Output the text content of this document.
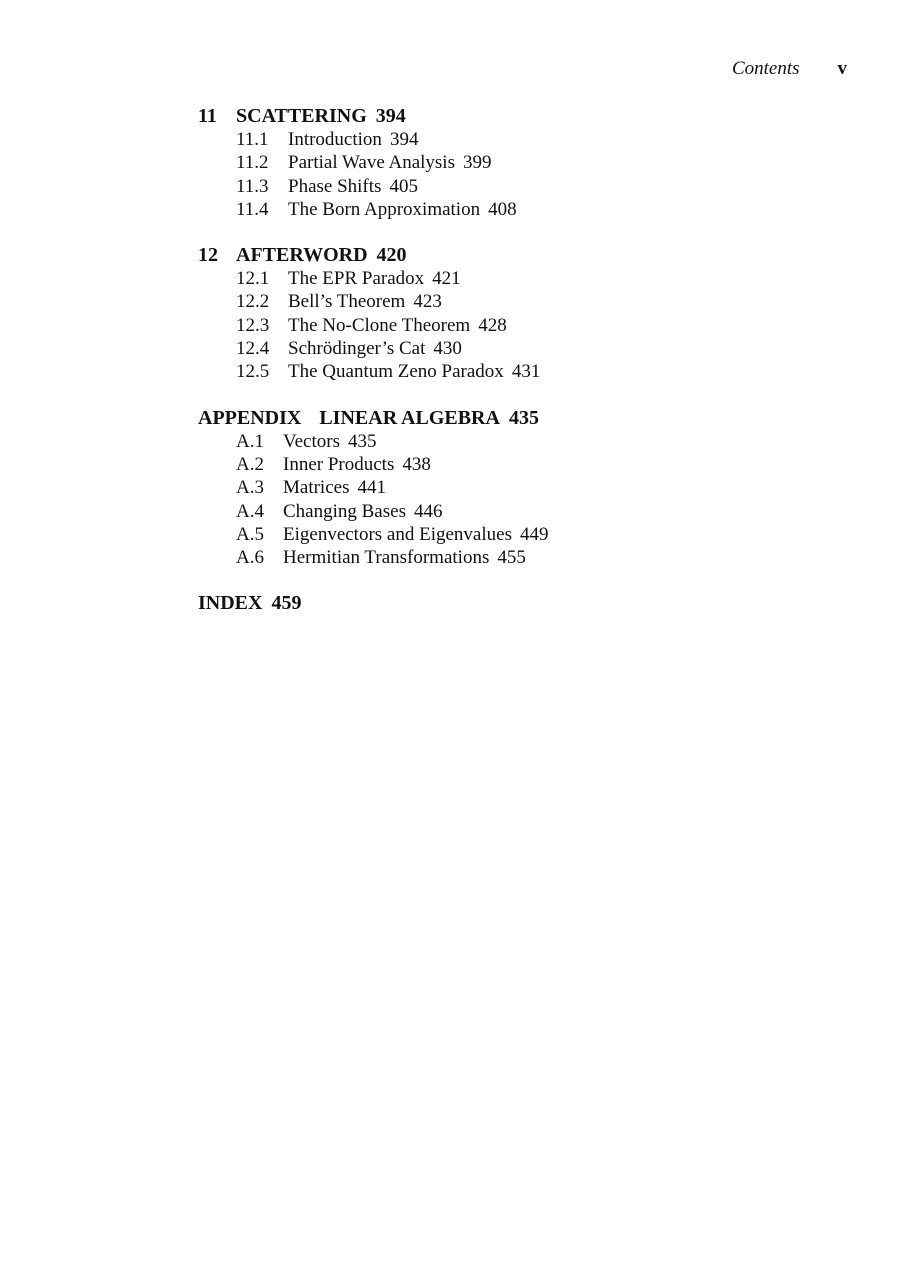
Contents v
11 SCATTERING 394
11.1	Introduction 394
11.2	Partial Wave Analysis 399
11.3	Phase Shifts 405
11.4	The Born Approximation 408
12 AFTERWORD 420
12.1 The EPR Paradox 421
12.2 Bell’s Theorem 423
12.3 The No-Clone Theorem 428
12.4 Schrödinger’s Cat 430
12.5 The Quantum Zeno Paradox 431
APPENDIX LINEAR ALGEBRA 435
A.1	Vectors 435
A.2	Inner Products 438
A.3	Matrices 441
A.4	Changing Bases 446
A.5	Eigenvectors and Eigenvalues 449
A.6	Hermitian Transformations 455
INDEX 459
